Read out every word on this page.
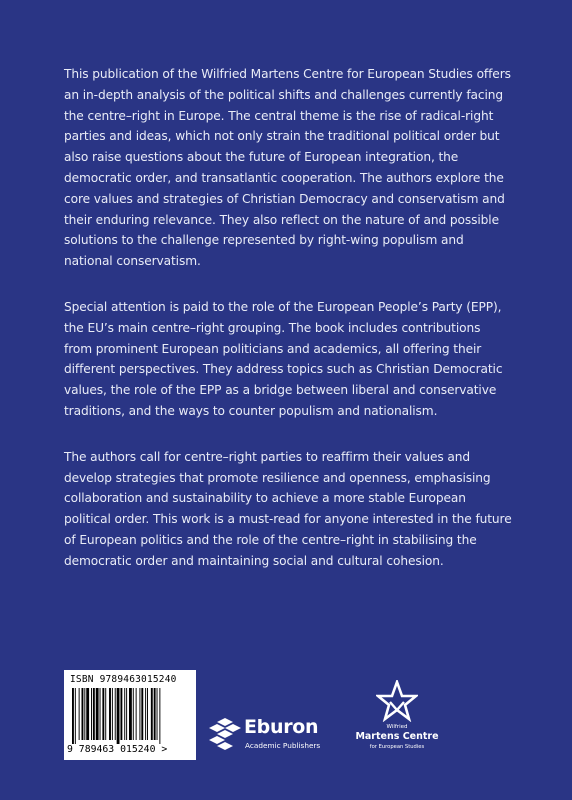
This publication of the Wilfried Martens Centre for European Studies offers an in-depth analysis of the political shifts and challenges currently facing the centre–right in Europe. The central theme is the rise of radical-right parties and ideas, which not only strain the traditional political order but also raise questions about the future of European integration, the democratic order, and transatlantic cooperation. The authors explore the core values and strategies of Christian Democracy and conservatism and their enduring relevance. They also reflect on the nature of and possible solutions to the challenge represented by right-wing populism and national conservatism.

Special attention is paid to the role of the European People’s Party (EPP), the EU’s main centre–right grouping. The book includes contributions from prominent European politicians and academics, all offering their different perspectives. They address topics such as Christian Democratic values, the role of the EPP as a bridge between liberal and conservative traditions, and the ways to counter populism and nationalism.

The authors call for centre–right parties to reaffirm their values and develop strategies that promote resilience and openness, emphasising collaboration and sustainability to achieve a more stable European political order. This work is a must-read for anyone interested in the future of European politics and the role of the centre–right in stabilising the democratic order and maintaining social and cultural cohesion.

ISBN 9789463015240
9 789463 015240 >
Eburon
Academic Publishers
Wilfried
Martens Centre
for European Studies
